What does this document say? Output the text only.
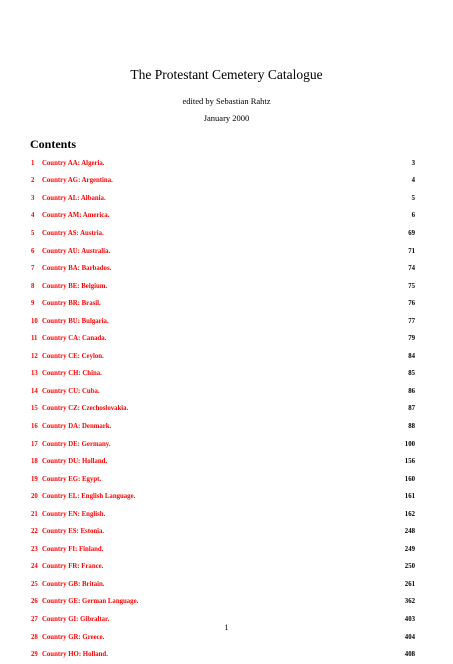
The Protestant Cemetery Catalogue
edited by Sebastian Rahtz
January 2000
Contents
1 Country AA: Algeria.	3
2 Country AG: Argentina.	4
3 Country AL: Albania.	5
4 Country AM: America.	6
5 Country AS: Austria.	69
6 Country AU: Australia.	71
7 Country BA: Barbados.	74
8 Country BE: Belgium.	75
9 Country BR: Brasil.	76
10 Country BU: Bulgaria.	77
11 Country CA: Canada.	79
12 Country CE: Ceylon.	84
13 Country CH: China.	85
14 Country CU: Cuba.	86
15 Country CZ: Czechoslovakia.	87
16 Country DA: Denmark.	88
17 Country DE: Germany.	100
18 Country DU: Holland.	156
19 Country EG: Egypt.	160
20 Country EL: English Language.	161
21 Country EN: English.	162
22 Country ES: Estonia.	248
23 Country FI: Finland.	249
24 Country FR: France.	250
25 Country GB: Britain.	261
26 Country GE: German Language.	362
27 Country GI: Gibraltar.	403
28 Country GR: Greece.	404
29 Country HO: Holland.	408
1
